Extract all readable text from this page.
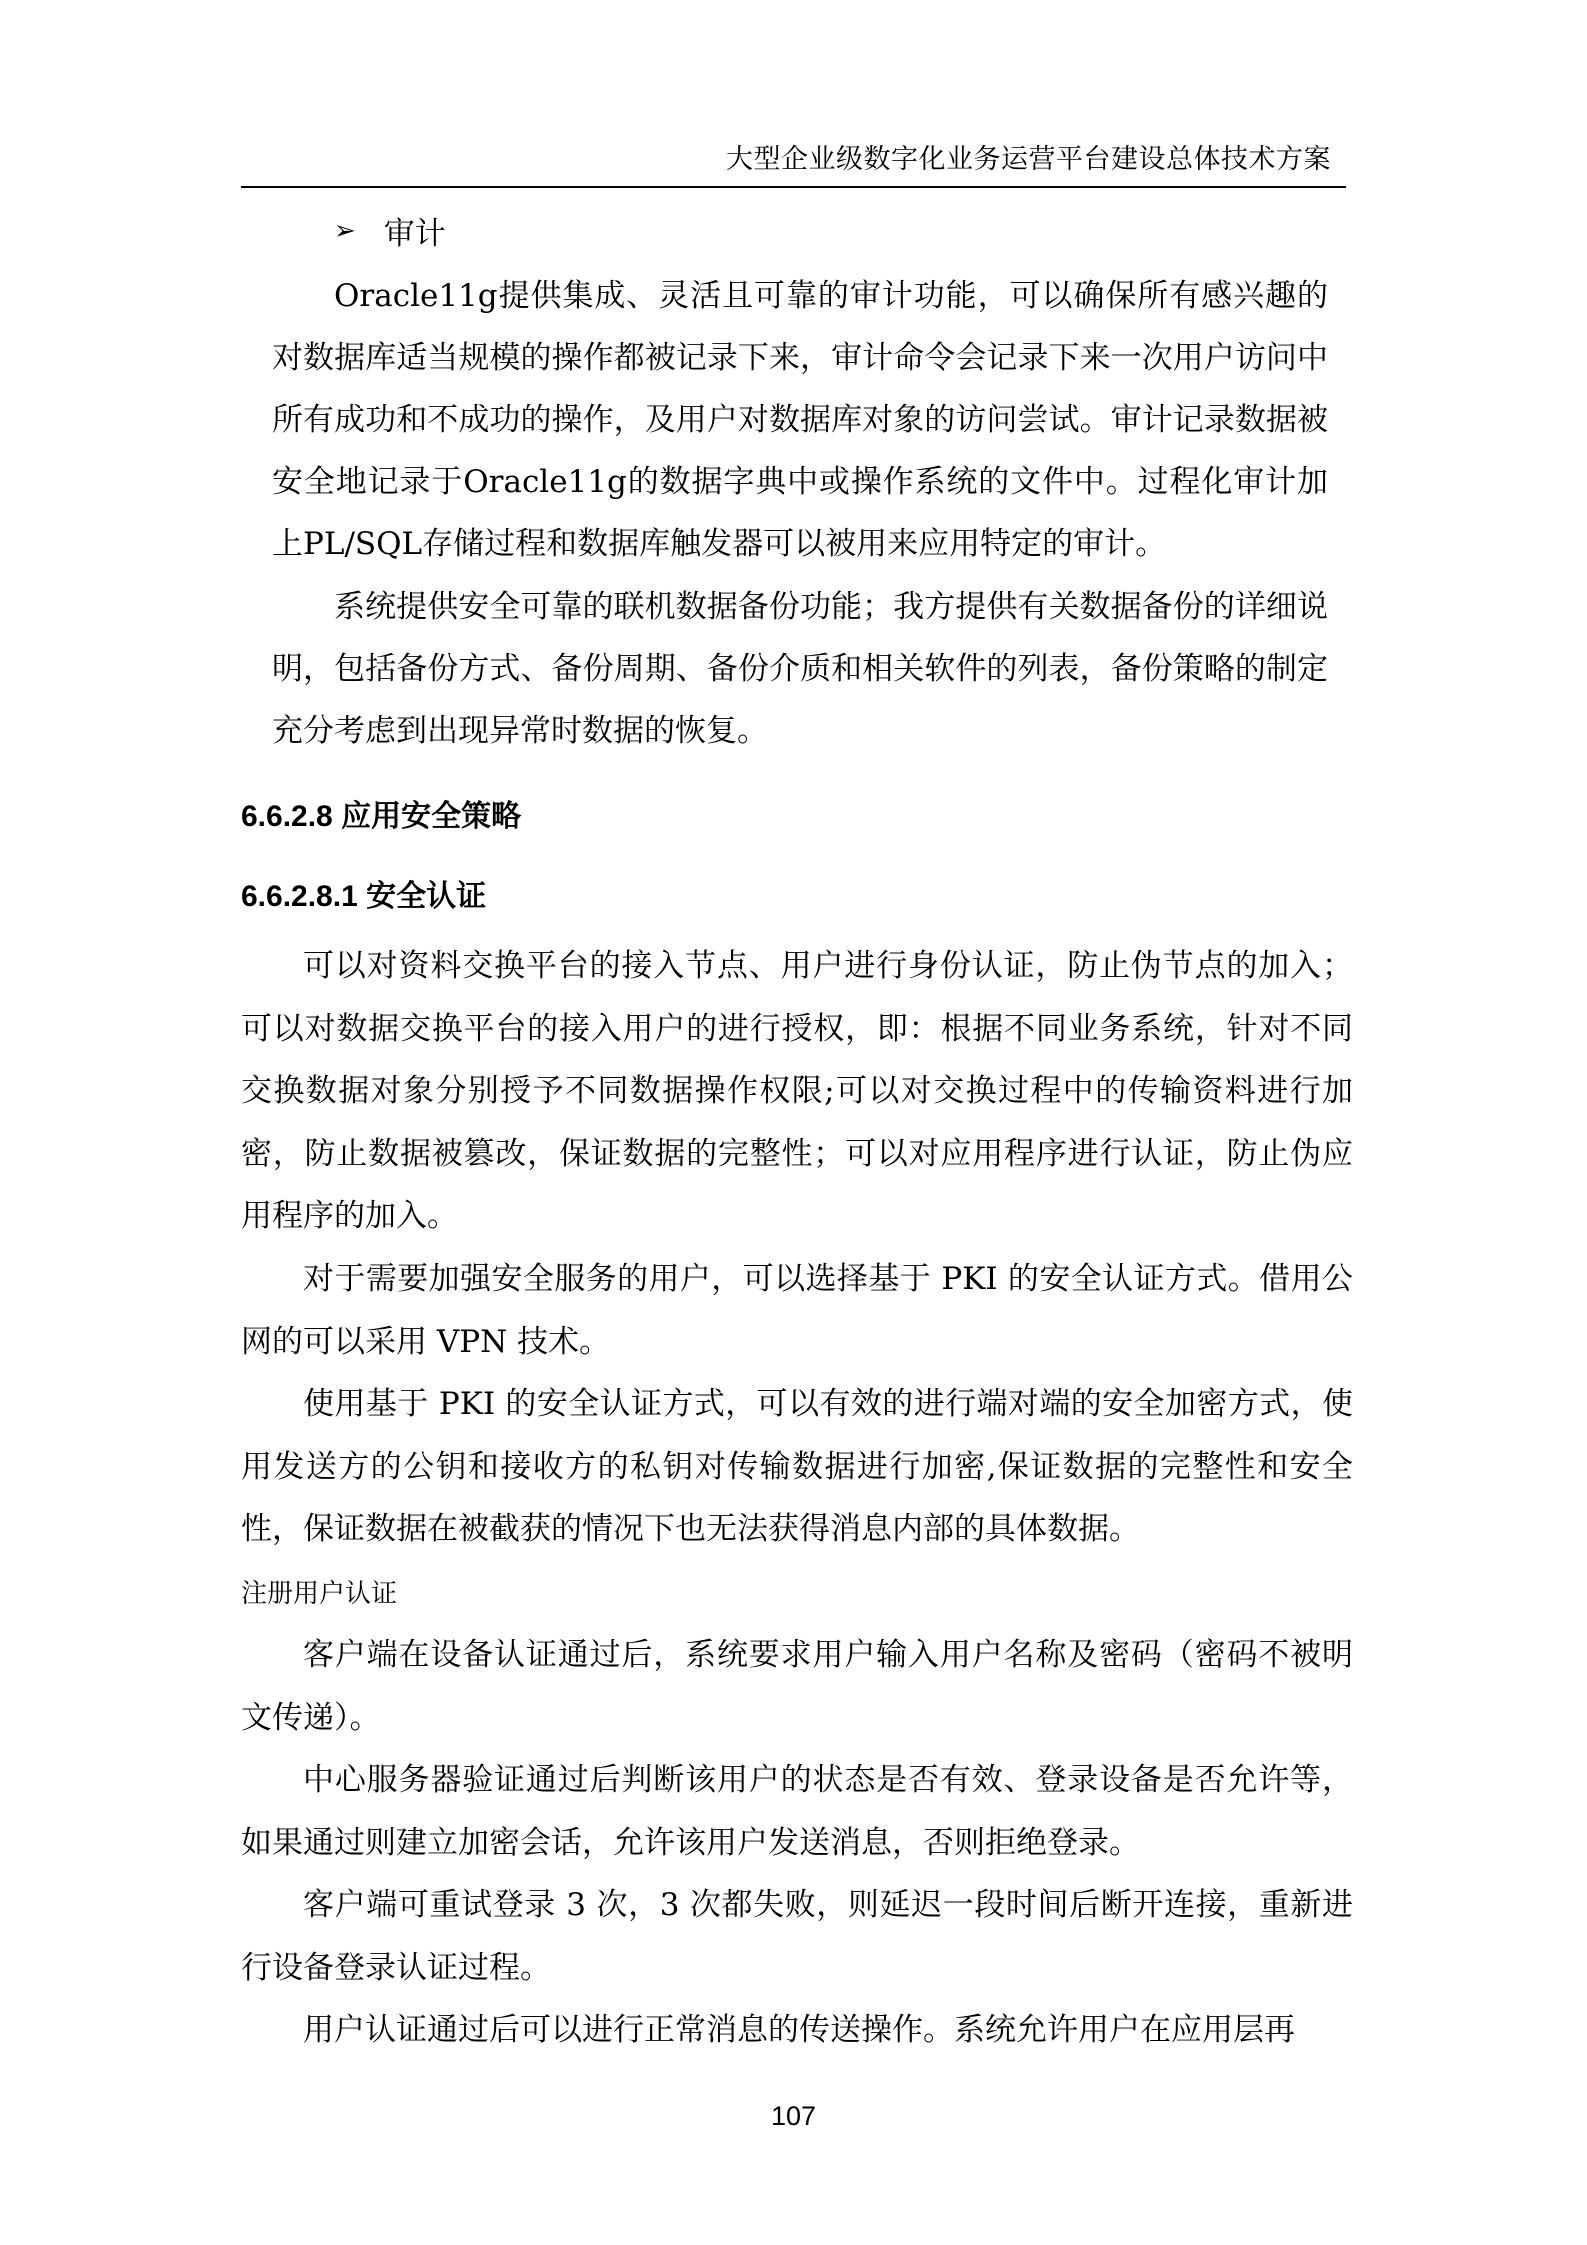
大型企业级数字化业务运营平台建设总体技术方案
➢ 审计

Oracle11g提供集成、灵活且可靠的审计功能，可以确保所有感兴趣的对数据库适当规模的操作都被记录下来，审计命令会记录下来一次用户访问中所有成功和不成功的操作，及用户对数据库对象的访问尝试。审计记录数据被安全地记录于Oracle11g的数据字典中或操作系统的文件中。过程化审计加上PL/SQL存储过程和数据库触发器可以被用来应用特定的审计。

系统提供安全可靠的联机数据备份功能；我方提供有关数据备份的详细说明，包括备份方式、备份周期、备份介质和相关软件的列表，备份策略的制定充分考虑到出现异常时数据的恢复。

6.6.2.8 应用安全策略
6.6.2.8.1 安全认证

可以对资料交换平台的接入节点、用户进行身份认证，防止伪节点的加入；可以对数据交换平台的接入用户的进行授权，即：根据不同业务系统，针对不同交换数据对象分别授予不同数据操作权限;可以对交换过程中的传输资料进行加密，防止数据被篡改，保证数据的完整性；可以对应用程序进行认证，防止伪应用程序的加入。

对于需要加强安全服务的用户，可以选择基于 PKI 的安全认证方式。借用公网的可以采用 VPN 技术。

使用基于 PKI 的安全认证方式，可以有效的进行端对端的安全加密方式，使用发送方的公钥和接收方的私钥对传输数据进行加密,保证数据的完整性和安全性，保证数据在被截获的情况下也无法获得消息内部的具体数据。

注册用户认证

客户端在设备认证通过后，系统要求用户输入用户名称及密码（密码不被明文传递）。

中心服务器验证通过后判断该用户的状态是否有效、登录设备是否允许等，如果通过则建立加密会话，允许该用户发送消息，否则拒绝登录。

客户端可重试登录 3 次，3 次都失败，则延迟一段时间后断开连接，重新进行设备登录认证过程。

用户认证通过后可以进行正常消息的传送操作。系统允许用户在应用层再

107
